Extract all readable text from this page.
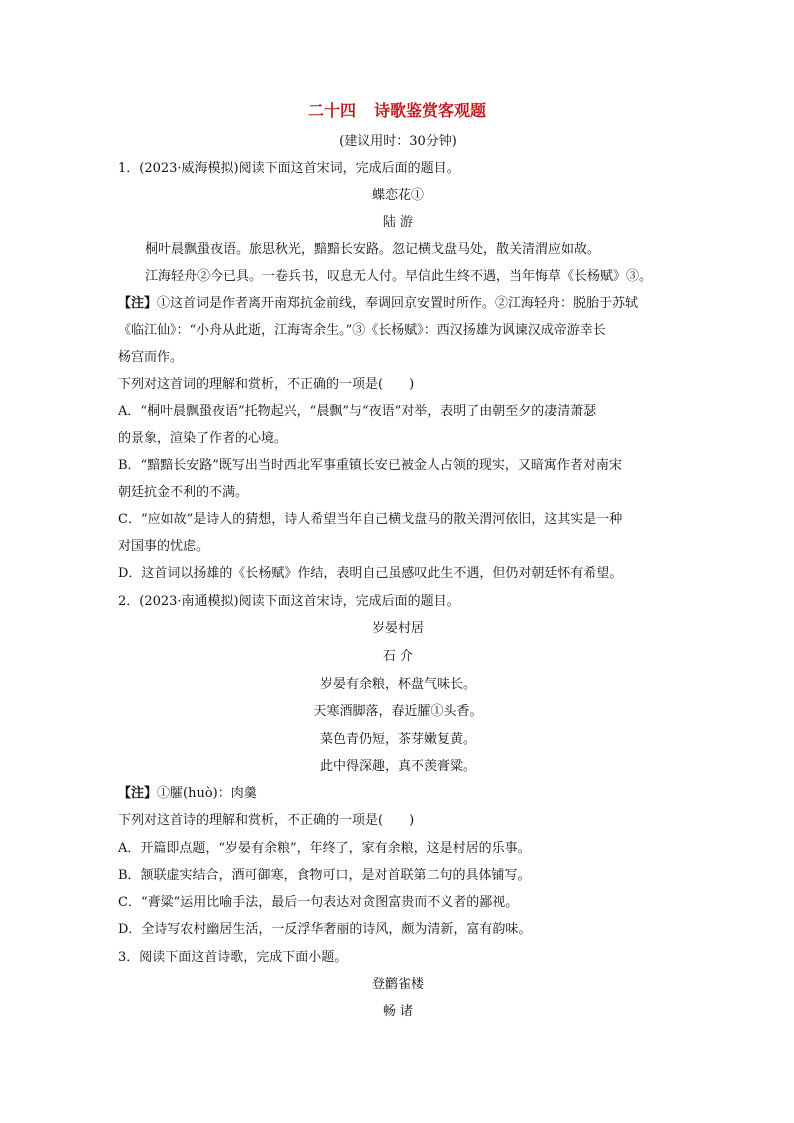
二十四 诗歌鉴赏客观题
(建议用时：30分钟)
1．(2023·威海模拟)阅读下面这首宋词，完成后面的题目。
蝶恋花①
陆 游
桐叶晨飘蛩夜语。旅思秋光，黯黯长安路。忽记横戈盘马处，散关清渭应如故。
江海轻舟②今已具。一卷兵书，叹息无人付。早信此生终不遇，当年悔草《长杨赋》③。
【注】①这首词是作者离开南郑抗金前线，奉调回京安置时所作。②江海轻舟：脱胎于苏轼
《临江仙》：“小舟从此逝，江海寄余生。”③《长杨赋》：西汉扬雄为讽谏汉成帝游幸长
杨宫而作。
下列对这首词的理解和赏析，不正确的一项是(　　)
A．“桐叶晨飘蛩夜语”托物起兴，“晨飘”与“夜语”对举，表明了由朝至夕的凄清萧瑟
的景象，渲染了作者的心境。
B．“黯黯长安路”既写出当时西北军事重镇长安已被金人占领的现实，又暗寓作者对南宋
朝廷抗金不利的不满。
C．“应如故”是诗人的猜想，诗人希望当年自己横戈盘马的散关渭河依旧，这其实是一种
对国事的忧虑。
D．这首词以扬雄的《长杨赋》作结，表明自己虽感叹此生不遇，但仍对朝廷怀有希望。
2．(2023·南通模拟)阅读下面这首宋诗，完成后面的题目。
岁晏村居
石 介
岁晏有余粮，杯盘气味长。
天寒酒脚落，春近臛①头香。
菜色青仍短，茶芽嫩复黄。
此中得深趣，真不羡膏粱。
【注】①臛(huò)：肉羹
下列对这首诗的理解和赏析，不正确的一项是(　　)
A．开篇即点题，“岁晏有余粮”，年终了，家有余粮，这是村居的乐事。
B．颔联虚实结合，酒可御寒，食物可口，是对首联第二句的具体铺写。
C．“膏粱”运用比喻手法，最后一句表达对贪图富贵而不义者的鄙视。
D．全诗写农村幽居生活，一反浮华奢丽的诗风，颇为清新，富有韵味。
3．阅读下面这首诗歌，完成下面小题。
登鹳雀楼
畅 诸
